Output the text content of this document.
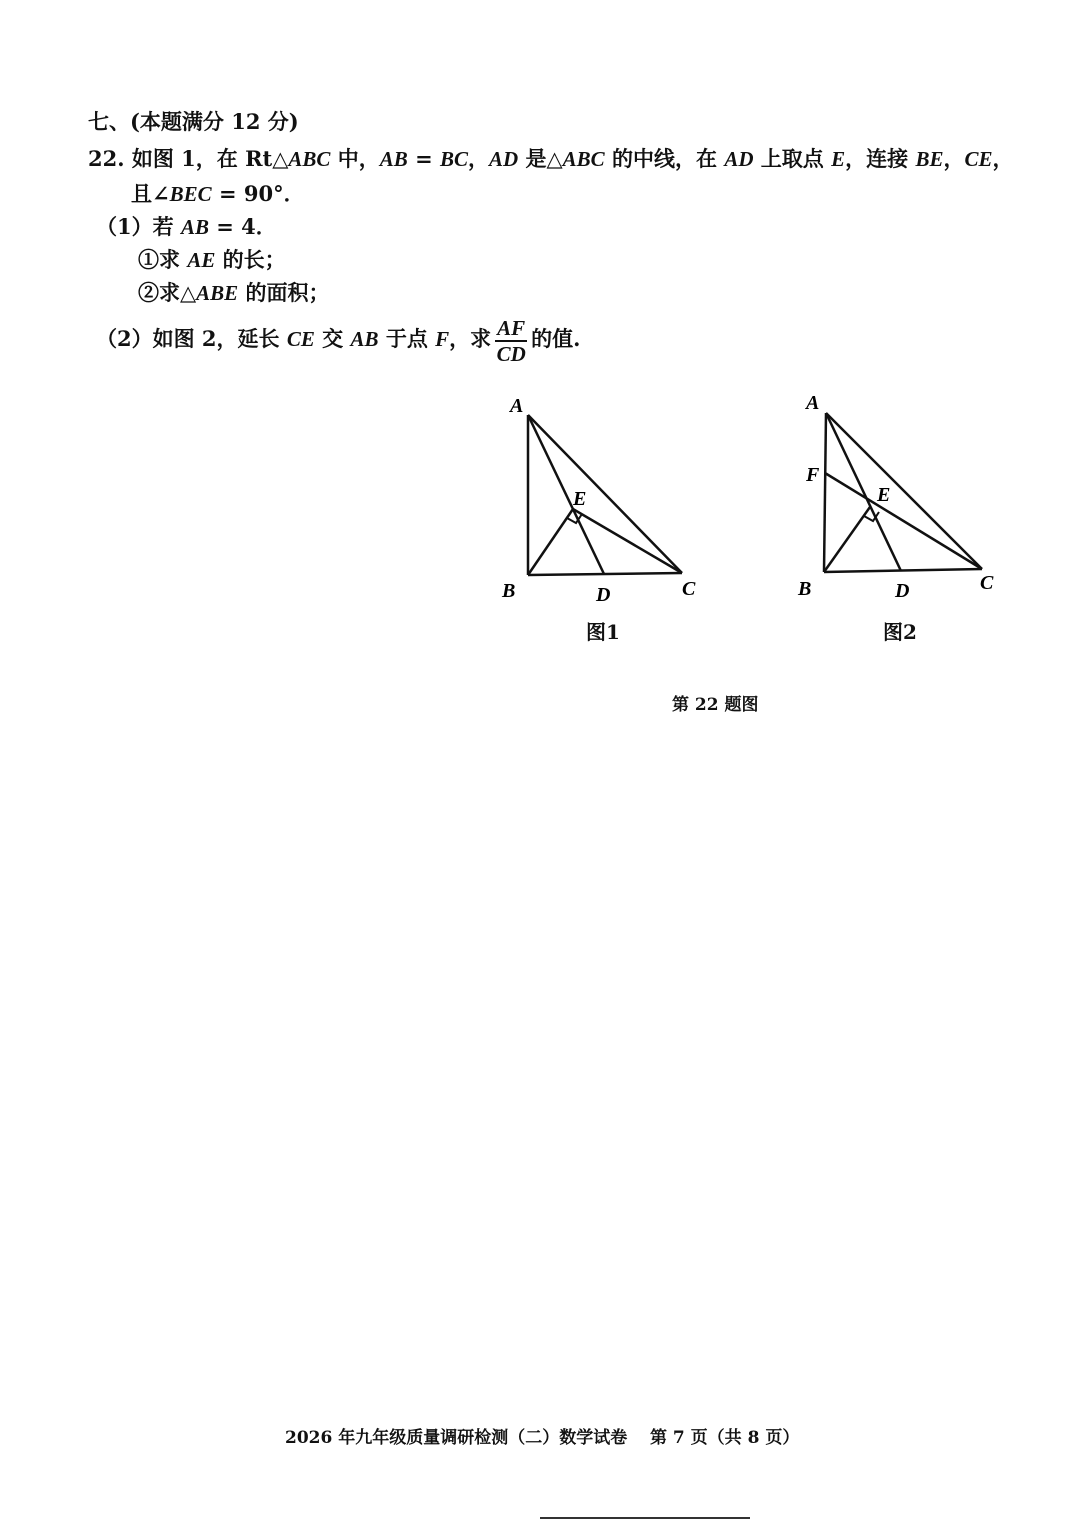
七、(本题满分 12 分)
22. 如图 1，在 Rt△ABC 中，AB = BC，AD 是△ABC 的中线，在 AD 上取点 E，连接 BE，CE，
且∠BEC = 90°．
（1）若 AB = 4．
①求 AE 的长；
②求△ABE 的面积；
（2）如图 2，延长 CE 交 AB 于点 F，求 $\frac{AF}{CD}$ 的值.
A
B	C
D
E
图1
A
F
B	C
D
E
图2
第 22 题图
2026 年九年级质量调研检测（二）数学试卷 第 7 页（共 8 页）
